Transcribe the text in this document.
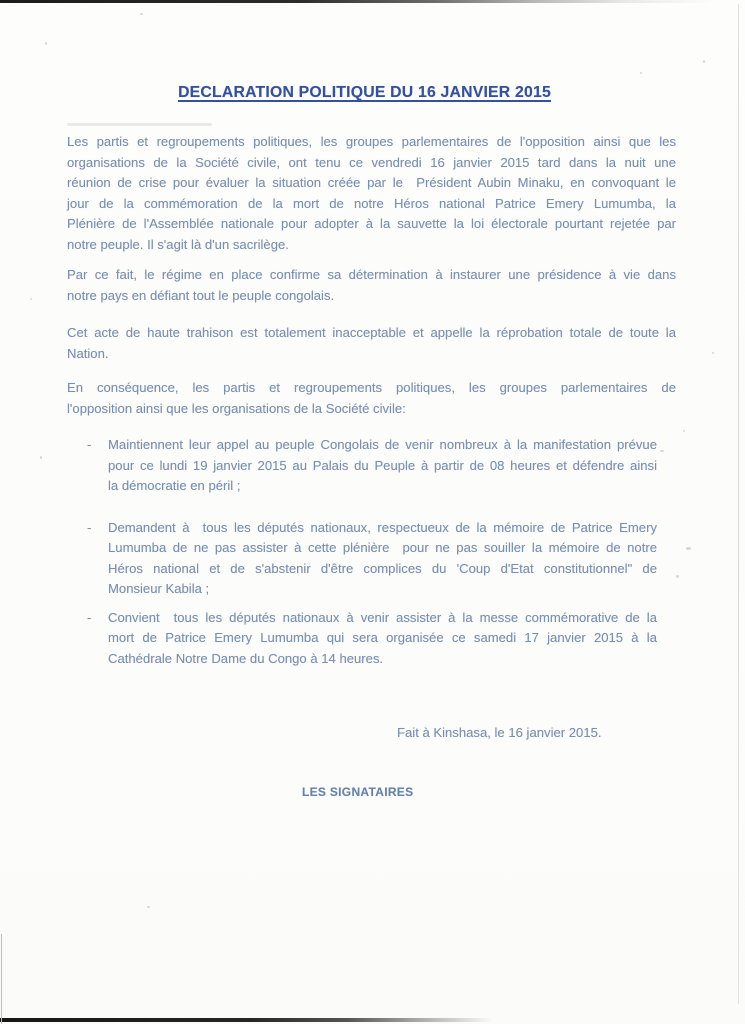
DECLARATION POLITIQUE DU 16 JANVIER 2015

Les partis et regroupements politiques, les groupes parlementaires de l'opposition ainsi que les
organisations de la Société civile, ont tenu ce vendredi 16 janvier 2015 tard dans la nuit une
réunion de crise pour évaluer la situation créée par le  Président Aubin Minaku, en convoquant le
jour de la commémoration de la mort de notre Héros national Patrice Emery Lumumba, la
Plénière de l'Assemblée nationale pour adopter à la sauvette la loi électorale pourtant rejetée par
notre peuple. Il s'agit là d'un sacrilège.

Par ce fait, le régime en place confirme sa détermination à instaurer une présidence à vie dans
notre pays en défiant tout le peuple congolais.

Cet acte de haute trahison est totalement inacceptable et appelle la réprobation totale de toute la
Nation.

En conséquence, les partis et regroupements politiques, les groupes parlementaires de
l'opposition ainsi que les organisations de la Société civile:

-	Maintiennent leur appel au peuple Congolais de venir nombreux à la manifestation prévue
pour ce lundi 19 janvier 2015 au Palais du Peuple à partir de 08 heures et défendre ainsi
la démocratie en péril ;
-	Demandent à  tous les députés nationaux, respectueux de la mémoire de Patrice Emery
Lumumba de ne pas assister à cette plénière  pour ne pas souiller la mémoire de notre
Héros national et de s'abstenir d'être complices du 'Coup d'Etat constitutionnel" de
Monsieur Kabila ;
-	Convient  tous les députés nationaux à venir assister à la messe commémorative de la
mort de Patrice Emery Lumumba qui sera organisée ce samedi 17 janvier 2015 à la
Cathédrale Notre Dame du Congo à 14 heures.

Fait à Kinshasa, le 16 janvier 2015.

LES SIGNATAIRES
